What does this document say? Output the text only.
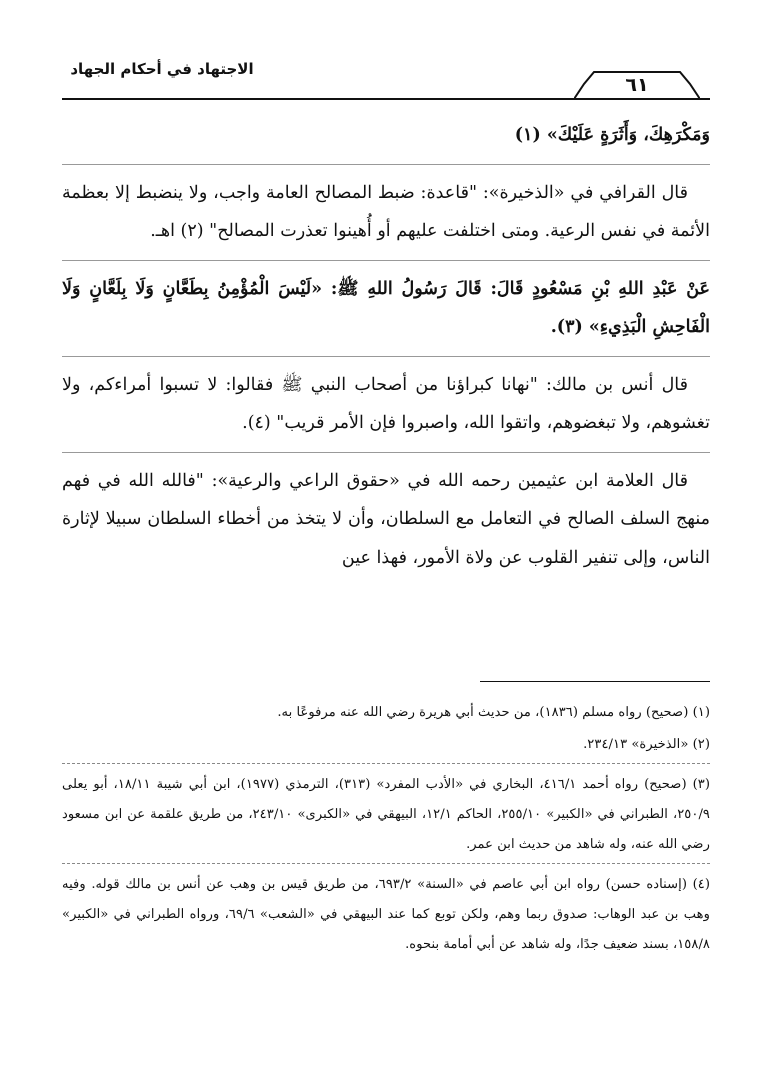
الاجتهاد في أحكام الجهاد
٦١

وَمَكْرَهِكَ، وَأَثَرَةٍ عَلَيْكَ» (١)

قال القرافي في «الذخيرة»: "قاعدة: ضبط المصالح العامة واجب، ولا ينضبط إلا بعظمة الأئمة في نفس الرعية. ومتى اختلفت عليهم أو أُهينوا تعذرت المصالح" (٢) اهـ.

عَنْ عَبْدِ اللهِ بْنِ مَسْعُودٍ قَالَ: قَالَ رَسُولُ اللهِ ﷺ: «لَيْسَ الْمُؤْمِنُ بِطَعَّانٍ وَلَا بِلَعَّانٍ وَلَا الْفَاحِشِ الْبَذِيءِ» (٣).

قال أنس بن مالك: "نهانا كبراؤنا من أصحاب النبي ﷺ فقالوا: لا تسبوا أمراءكم، ولا تغشوهم، ولا تبغضوهم، واتقوا الله، واصبروا فإن الأمر قريب" (٤).

قال العلامة ابن عثيمين رحمه الله في «حقوق الراعي والرعية»: "فالله الله في فهم منهج السلف الصالح في التعامل مع السلطان، وأن لا يتخذ من أخطاء السلطان سبيلا لإثارة الناس، وإلى تنفير القلوب عن ولاة الأمور، فهذا عين

(١) (صحيح) رواه مسلم (١٨٣٦)، من حديث أبي هريرة رضي الله عنه مرفوعًا به.

(٢) «الذخيرة» ٢٣٤/١٣.

(٣) (صحيح) رواه أحمد ٤١٦/١، البخاري في «الأدب المفرد» (٣١٣)، الترمذي (١٩٧٧)، ابن أبي شيبة ١٨/١١، أبو يعلى ٢٥٠/٩، الطبراني في «الكبير» ٢٥٥/١٠، الحاكم ١٢/١، البيهقي في «الكبرى» ٢٤٣/١٠، من طريق علقمة عن ابن مسعود رضي الله عنه، وله شاهد من حديث ابن عمر.

(٤) (إسناده حسن) رواه ابن أبي عاصم في «السنة» ٦٩٣/٢، من طريق قيس بن وهب عن أنس بن مالك قوله. وفيه وهب بن عبد الوهاب: صدوق ربما وهم، ولكن توبع كما عند البيهقي في «الشعب» ٦٩/٦، ورواه الطبراني في «الكبير» ١٥٨/٨، بسند ضعيف جدًا، وله شاهد عن أبي أمامة بنحوه.
